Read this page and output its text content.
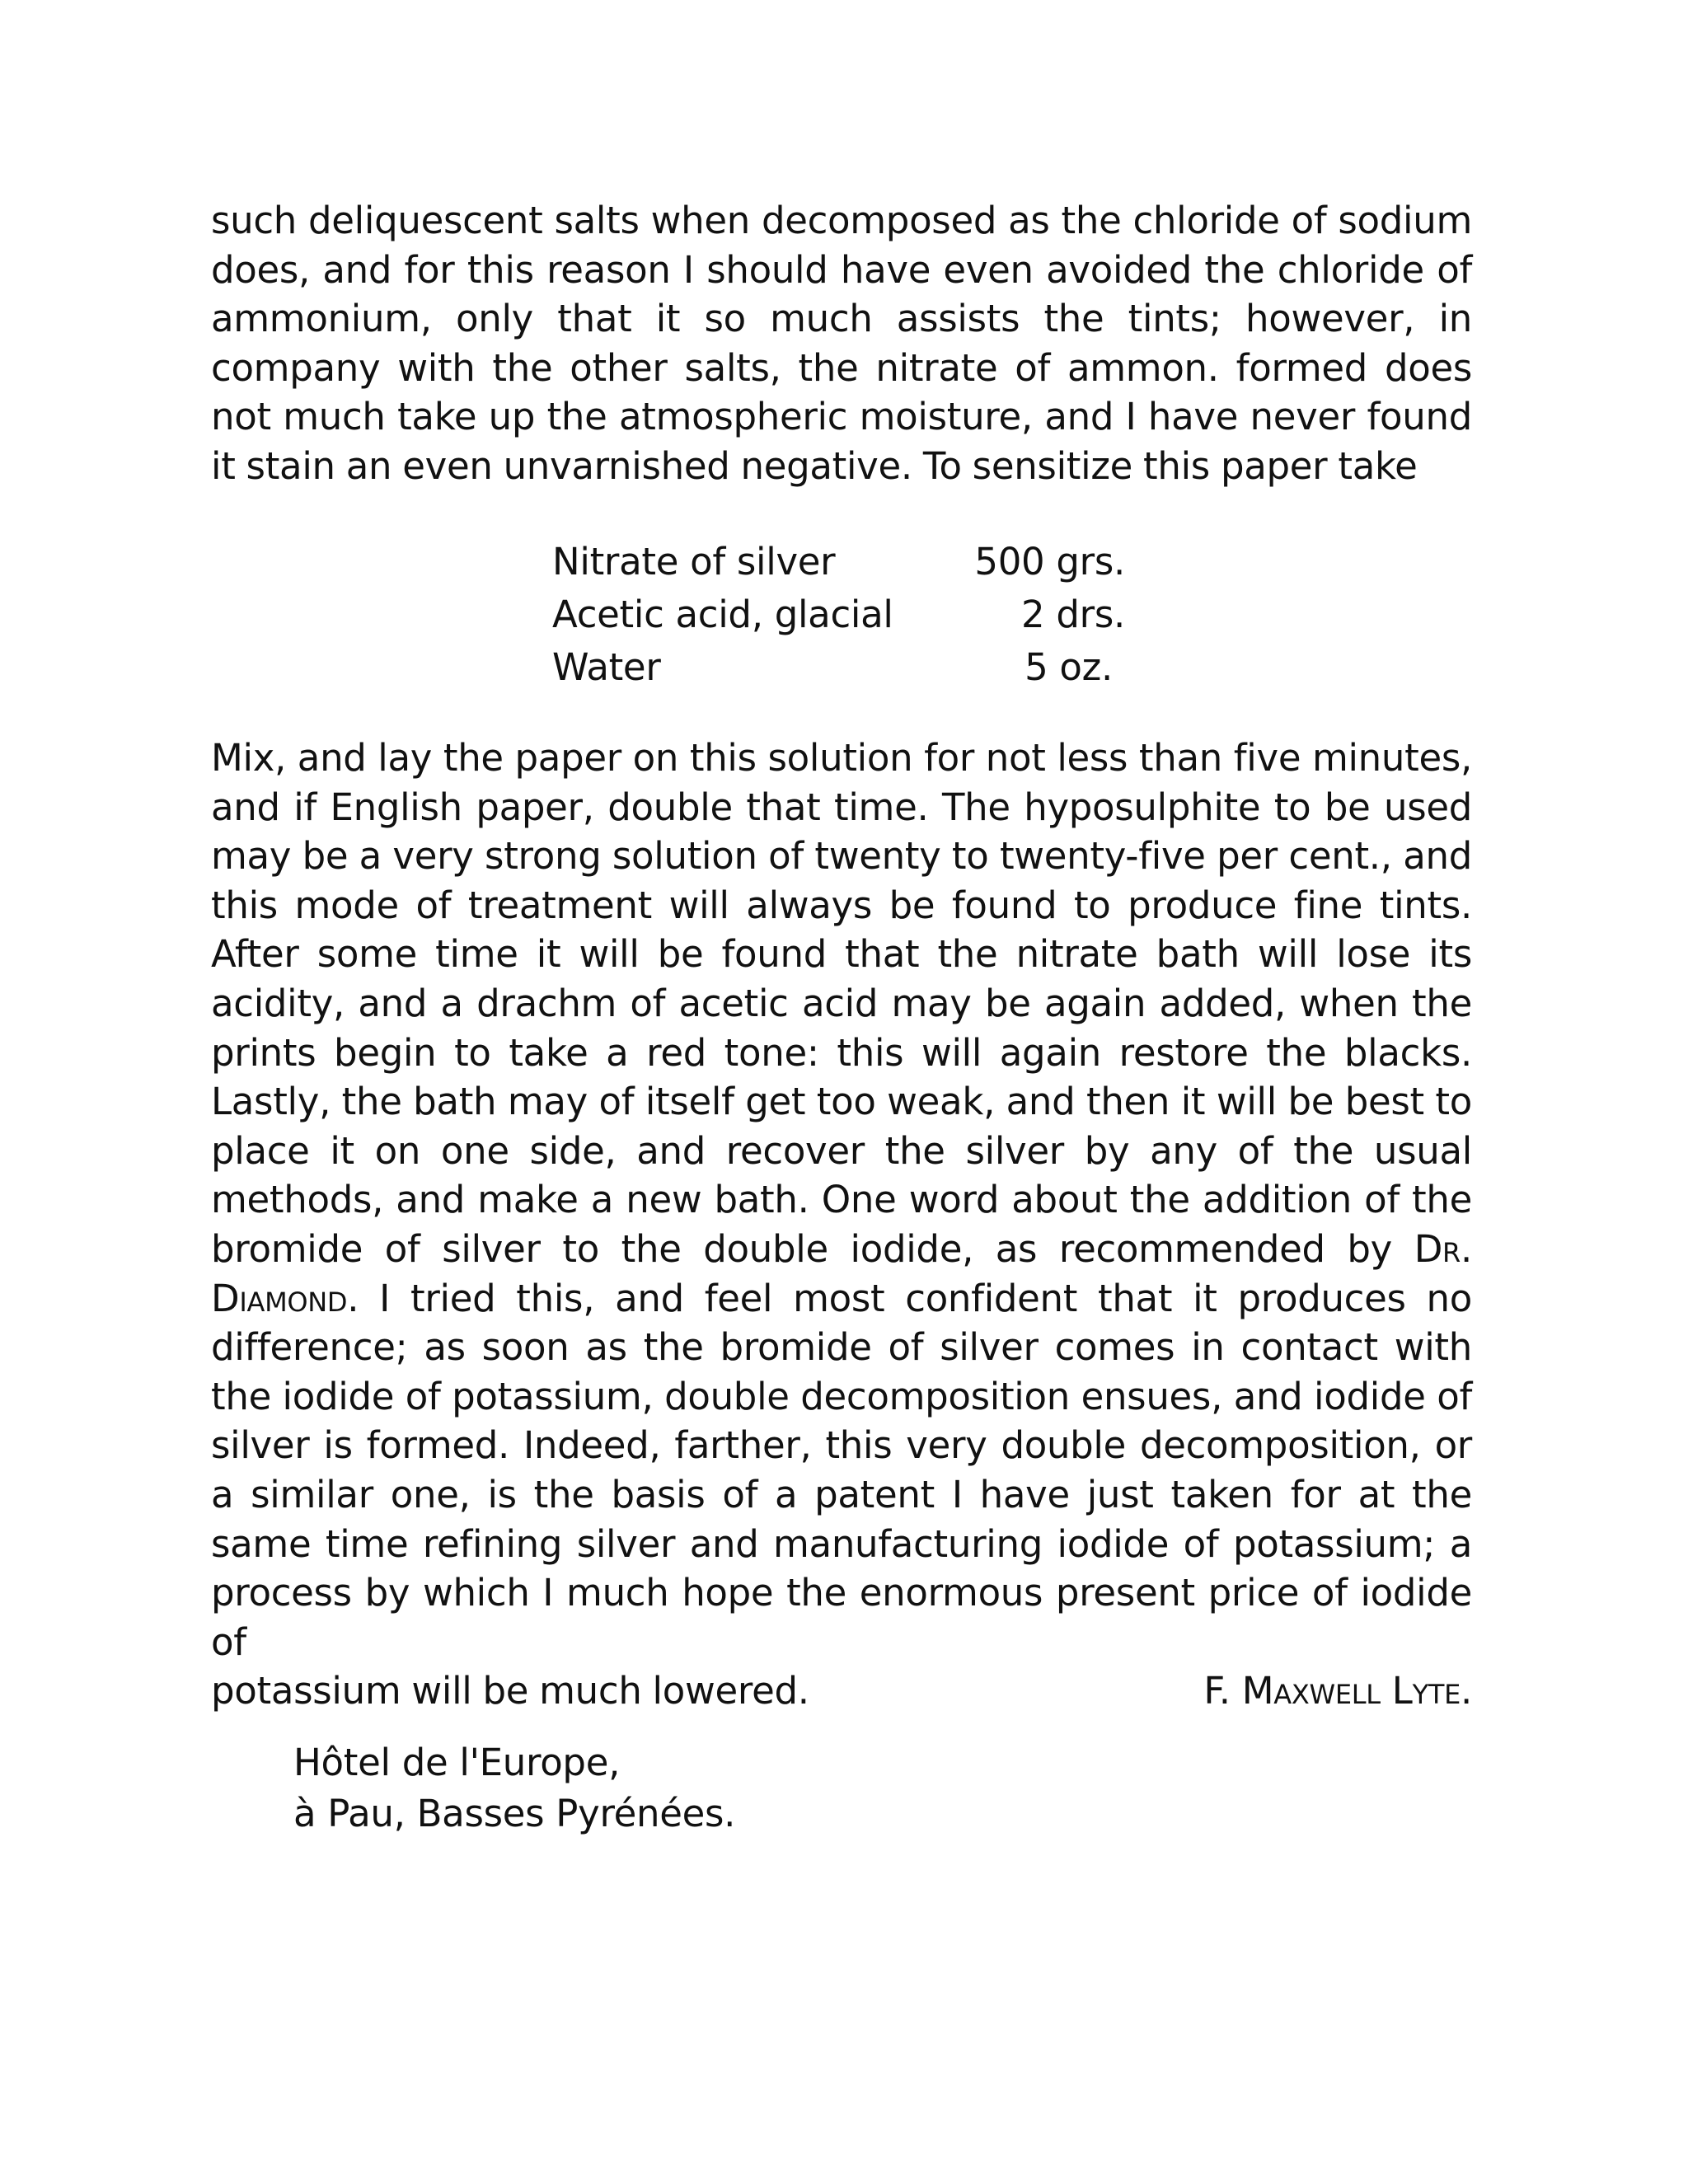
such deliquescent salts when decomposed as the chloride of sodium does, and for this reason I should have even avoided the chloride of ammonium, only that it so much assists the tints; however, in company with the other salts, the nitrate of ammon. formed does not much take up the atmospheric moisture, and I have never found it stain an even unvarnished negative. To sensitize this paper take

Nitrate of silver	500 grs.
Acetic acid, glacial	2 drs.
Water	5 oz.

Mix, and lay the paper on this solution for not less than five minutes, and if English paper, double that time. The hyposulphite to be used may be a very strong solution of twenty to twenty-five per cent., and this mode of treatment will always be found to produce fine tints. After some time it will be found that the nitrate bath will lose its acidity, and a drachm of acetic acid may be again added, when the prints begin to take a red tone: this will again restore the blacks. Lastly, the bath may of itself get too weak, and then it will be best to place it on one side, and recover the silver by any of the usual methods, and make a new bath. One word about the addition of the bromide of silver to the double iodide, as recommended by Dr. Diamond. I tried this, and feel most confident that it produces no difference; as soon as the bromide of silver comes in contact with the iodide of potassium, double decomposition ensues, and iodide of silver is formed. Indeed, farther, this very double decomposition, or a similar one, is the basis of a patent I have just taken for at the same time refining silver and manufacturing iodide of potassium; a process by which I much hope the enormous present price of iodide of
potassium will be much lowered.	F. Maxwell Lyte.
Hôtel de l'Europe,
à Pau, Basses Pyrénées.
